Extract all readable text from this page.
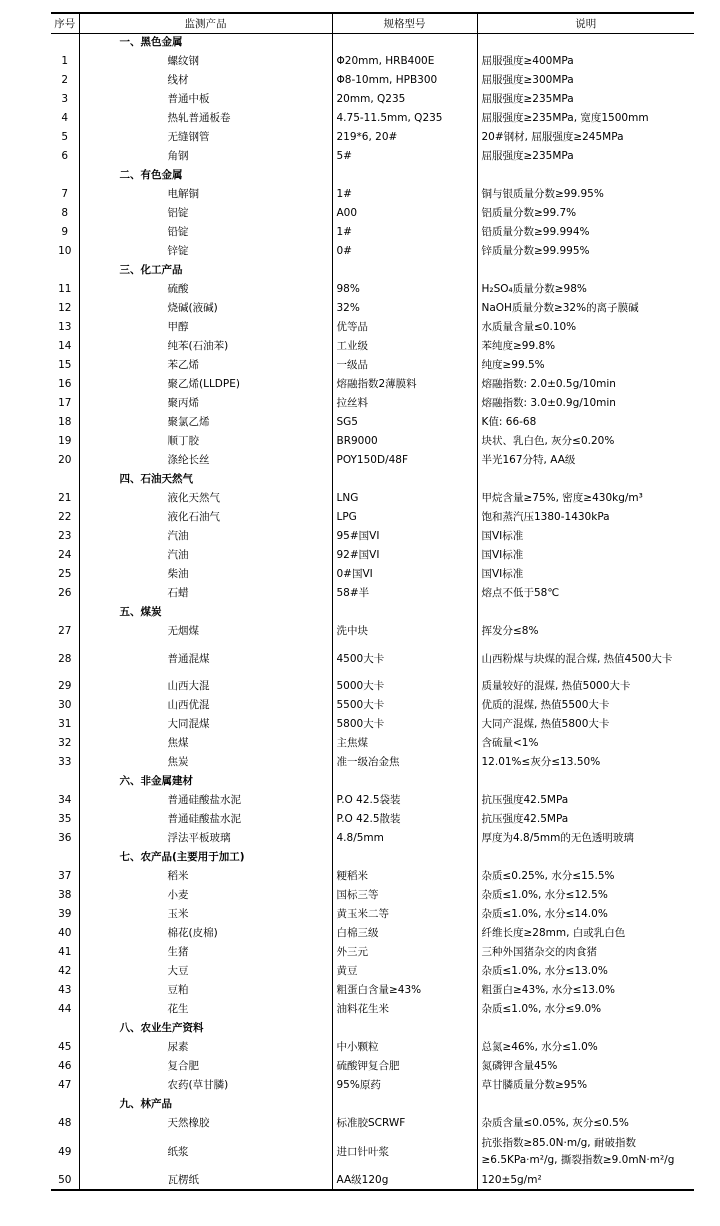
序号	监测产品	规格型号	说明
	一、黑色金属		
1	螺纹钢	Φ20mm, HRB400E	屈服强度≥400MPa
2	线材	Φ8-10mm, HPB300	屈服强度≥300MPa
3	普通中板	20mm, Q235	屈服强度≥235MPa
4	热轧普通板卷	4.75-11.5mm, Q235	屈服强度≥235MPa, 宽度1500mm
5	无缝钢管	219*6, 20#	20#钢材, 屈服强度≥245MPa
6	角钢	5#	屈服强度≥235MPa
	二、有色金属		
7	电解铜	1#	铜与银质量分数≥99.95%
8	铝锭	A00	铝质量分数≥99.7%
9	铅锭	1#	铅质量分数≥99.994%
10	锌锭	0#	锌质量分数≥99.995%
	三、化工产品		
11	硫酸	98%	H₂SO₄质量分数≥98%
12	烧碱(液碱)	32%	NaOH质量分数≥32%的离子膜碱
13	甲醇	优等品	水质量含量≤0.10%
14	纯苯(石油苯)	工业级	苯纯度≥99.8%
15	苯乙烯	一级品	纯度≥99.5%
16	聚乙烯(LLDPE)	熔融指数2薄膜料	熔融指数: 2.0±0.5g/10min
17	聚丙烯	拉丝料	熔融指数: 3.0±0.9g/10min
18	聚氯乙烯	SG5	K值: 66-68
19	顺丁胶	BR9000	块状、乳白色, 灰分≤0.20%
20	涤纶长丝	POY150D/48F	半光167分特, AA级
	四、石油天然气		
21	液化天然气	LNG	甲烷含量≥75%, 密度≥430kg/m³
22	液化石油气	LPG	饱和蒸汽压1380-1430kPa
23	汽油	95#国VI	国VI标准
24	汽油	92#国VI	国VI标准
25	柴油	0#国VI	国VI标准
26	石蜡	58#半	熔点不低于58℃
	五、煤炭		
27	无烟煤	洗中块	挥发分≤8%
28	普通混煤	4500大卡	山西粉煤与块煤的混合煤, 热值4500大卡
29	山西大混	5000大卡	质量较好的混煤, 热值5000大卡
30	山西优混	5500大卡	优质的混煤, 热值5500大卡
31	大同混煤	5800大卡	大同产混煤, 热值5800大卡
32	焦煤	主焦煤	含硫量<1%
33	焦炭	准一级冶金焦	12.01%≤灰分≤13.50%
	六、非金属建材		
34	普通硅酸盐水泥	P.O 42.5袋装	抗压强度42.5MPa
35	普通硅酸盐水泥	P.O 42.5散装	抗压强度42.5MPa
36	浮法平板玻璃	4.8/5mm	厚度为4.8/5mm的无色透明玻璃
	七、农产品(主要用于加工)		
37	稻米	粳稻米	杂质≤0.25%, 水分≤15.5%
38	小麦	国标三等	杂质≤1.0%, 水分≤12.5%
39	玉米	黄玉米二等	杂质≤1.0%, 水分≤14.0%
40	棉花(皮棉)	白棉三级	纤维长度≥28mm, 白或乳白色
41	生猪	外三元	三种外国猪杂交的肉食猪
42	大豆	黄豆	杂质≤1.0%, 水分≤13.0%
43	豆粕	粗蛋白含量≥43%	粗蛋白≥43%, 水分≤13.0%
44	花生	油料花生米	杂质≤1.0%, 水分≤9.0%
	八、农业生产资料		
45	尿素	中小颗粒	总氮≥46%, 水分≤1.0%
46	复合肥	硫酸钾复合肥	氮磷钾含量45%
47	农药(草甘膦)	95%原药	草甘膦质量分数≥95%
	九、林产品		
48	天然橡胶	标准胶SCRWF	杂质含量≤0.05%, 灰分≤0.5%
49	纸浆	进口针叶浆	抗张指数≥85.0N·m/g, 耐破指数≥6.5KPa·m²/g, 撕裂指数≥9.0mN·m²/g
50	瓦楞纸	AA级120g	120±5g/m²
